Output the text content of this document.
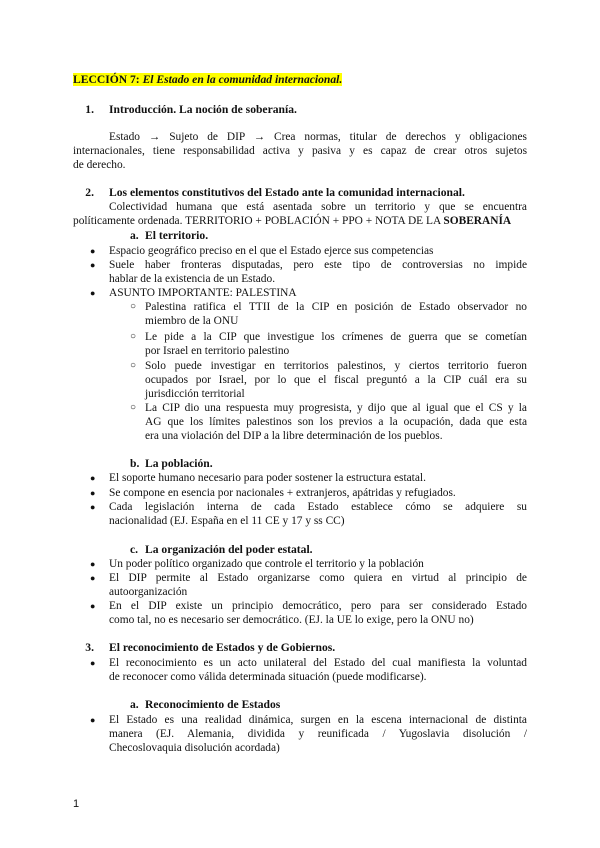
LECCIÓN 7: El Estado en la comunidad internacional.
1. Introducción. La noción de soberanía.
Estado → Sujeto de DIP → Crea normas, titular de derechos y obligaciones
internacionales, tiene responsabilidad activa y pasiva y es capaz de crear otros sujetos
de derecho.
2. Los elementos constitutivos del Estado ante la comunidad internacional.
Colectividad humana que está asentada sobre un territorio y que se encuentra
políticamente ordenada. TERRITORIO + POBLACIÓN + PPO + NOTA DE LA SOBERANÍA
a. El territorio.
● Espacio geográfico preciso en el que el Estado ejerce sus competencias
● Suele haber fronteras disputadas, pero este tipo de controversias no impide
hablar de la existencia de un Estado.
● ASUNTO IMPORTANTE: PALESTINA
○ Palestina ratifica el TTII de la CIP en posición de Estado observador no
miembro de la ONU
○ Le pide a la CIP que investigue los crímenes de guerra que se cometían
por Israel en territorio palestino
○ Solo puede investigar en territorios palestinos, y ciertos territorio fueron
ocupados por Israel, por lo que el fiscal preguntó a la CIP cuál era su
jurisdicción territorial
○ La CIP dio una respuesta muy progresista, y dijo que al igual que el CS y la
AG que los límites palestinos son los previos a la ocupación, dada que esta
era una violación del DIP a la libre determinación de los pueblos.
b. La población.
● El soporte humano necesario para poder sostener la estructura estatal.
● Se compone en esencia por nacionales + extranjeros, apátridas y refugiados.
● Cada legislación interna de cada Estado establece cómo se adquiere su
nacionalidad (EJ. España en el 11 CE y 17 y ss CC)
c. La organización del poder estatal.
● Un poder político organizado que controle el territorio y la población
● El DIP permite al Estado organizarse como quiera en virtud al principio de
autoorganización
● En el DIP existe un principio democrático, pero para ser considerado Estado
como tal, no es necesario ser democrático. (EJ. la UE lo exige, pero la ONU no)
3. El reconocimiento de Estados y de Gobiernos.
● El reconocimiento es un acto unilateral del Estado del cual manifiesta la voluntad
de reconocer como válida determinada situación (puede modificarse).
a. Reconocimiento de Estados
● El Estado es una realidad dinámica, surgen en la escena internacional de distinta
manera (EJ. Alemania, dividida y reunificada / Yugoslavia disolución /
Checoslovaquia disolución acordada)
1
